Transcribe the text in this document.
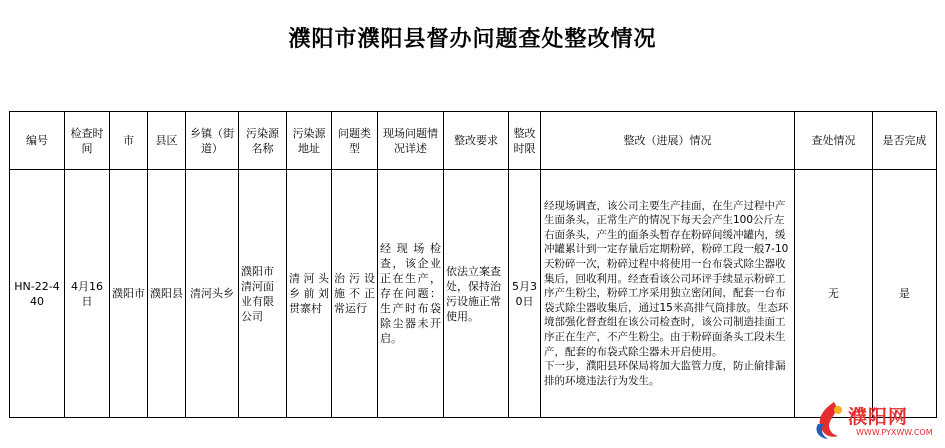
濮阳市濮阳县督办问题查处整改情况
编号	检查时间	市	县区	乡镇（街道）	污染源名称	污染源地址	问题类型	现场问题情况详述	整改要求	整改时限	整改（进展）情况	查处情况	是否完成
HN-22-440	4月16日	濮阳市	濮阳县	清河头乡	濮阳市清河面业有限公司	清河头乡前刘贯寨村	治污设施不正常运行	经现场检查，该企业正在生产，存在问题：生产时布袋除尘器未开启。	依法立案查处，保持治污设施正常使用。	5月30日	经现场调查，该公司主要生产挂面，在生产过程中产生面条头，正常生产的情况下每天会产生100公斤左右面条头，产生的面条头暂存在粉碎间缓冲罐内，缓冲罐累计到一定存量后定期粉碎，粉碎工段一般7-10天粉碎一次，粉碎过程中将使用一台布袋式除尘器收集后，回收利用。经查看该公司环评手续显示粉碎工序产生粉尘，粉碎工序采用独立密闭间，配套一台布袋式除尘器收集后，通过15米高排气筒排放。生态环境部强化督查组在该公司检查时，该公司制造挂面工序正在生产，不产生粉尘。由于粉碎面条头工段未生产，配套的布袋式除尘器未开启使用。
下一步，濮阳县环保局将加大监管力度，防止偷排漏排的环境违法行为发生。	无	是
濮阳网
WWW.PYXWW.COM
